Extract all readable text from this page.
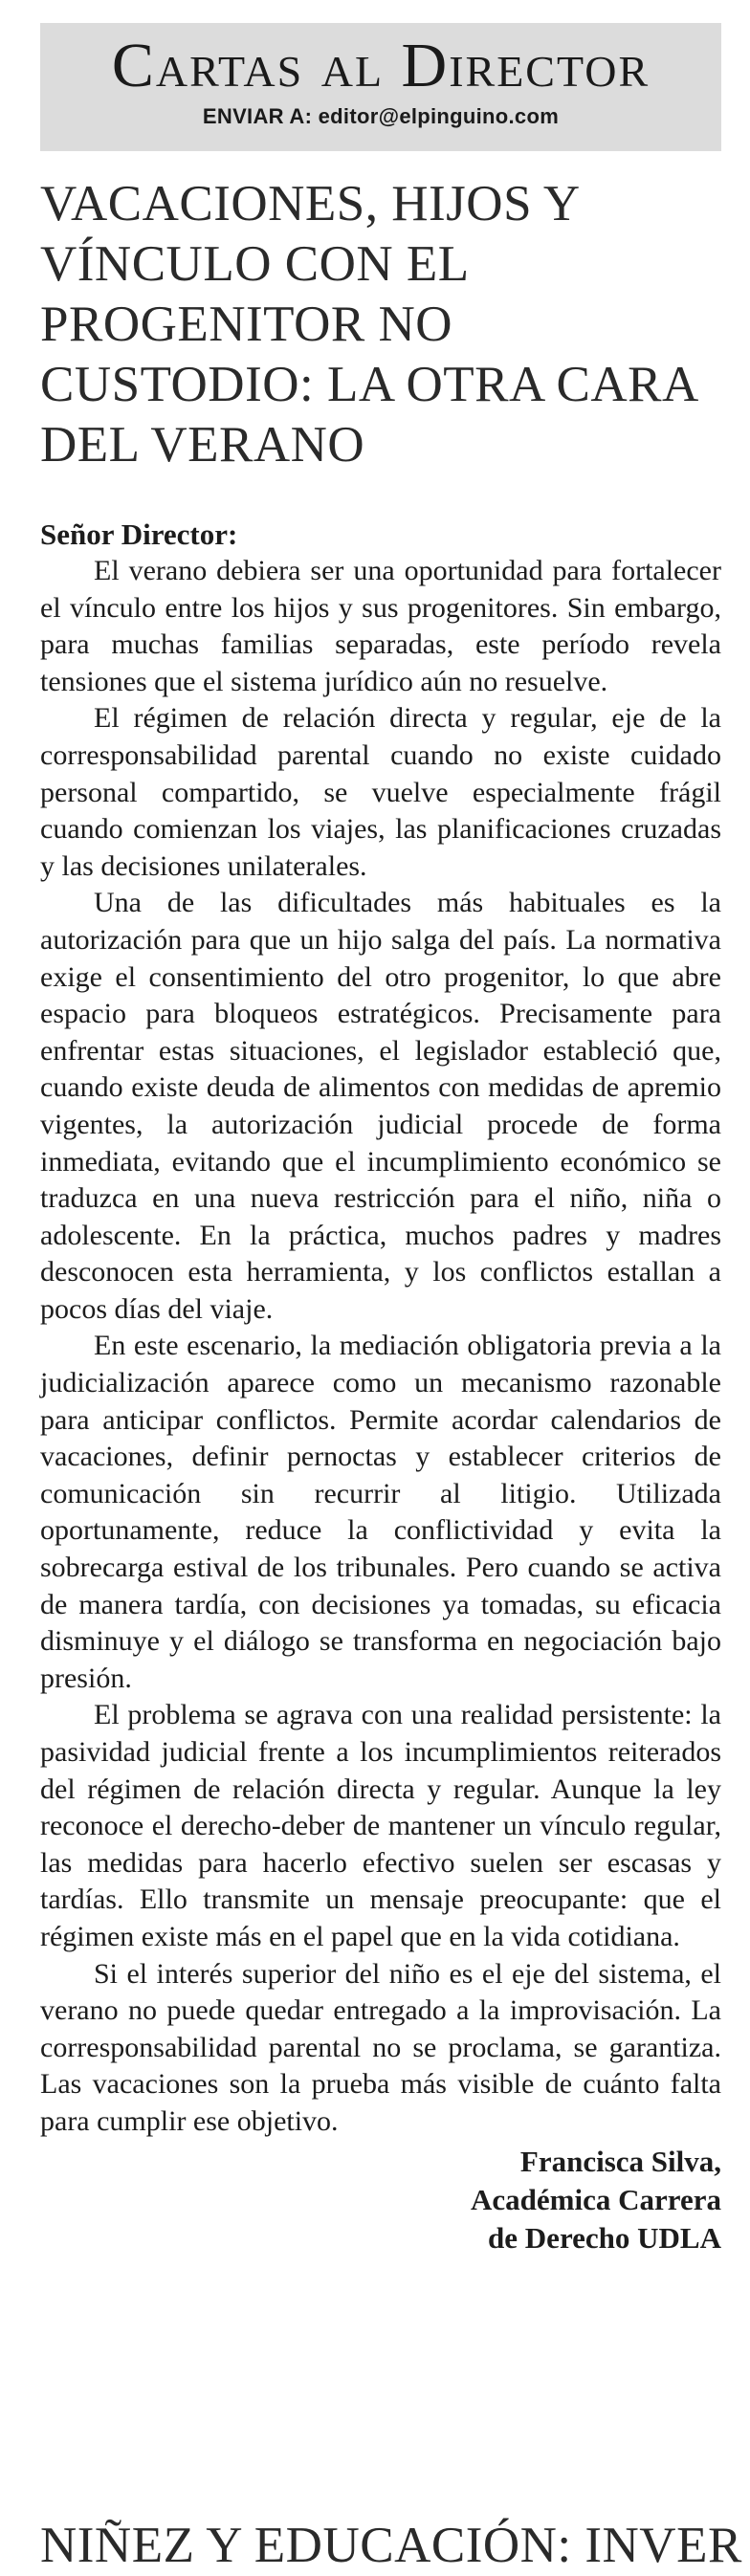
Cartas al Director
ENVIAR A: editor@elpinguino.com
VACACIONES, HIJOS Y VÍNCULO CON EL PROGENITOR NO CUSTODIO: LA OTRA CARA DEL VERANO

Señor Director:

El verano debiera ser una oportunidad para fortalecer el vínculo entre los hijos y sus progenitores. Sin embargo, para muchas familias separadas, este período revela tensiones que el sistema jurídico aún no resuelve.

El régimen de relación directa y regular, eje de la corresponsabilidad parental cuando no existe cuidado personal compartido, se vuelve especialmente frágil cuando comienzan los viajes, las planificaciones cruzadas y las decisiones unilaterales.

Una de las dificultades más habituales es la autorización para que un hijo salga del país. La normativa exige el consentimiento del otro progenitor, lo que abre espacio para bloqueos estratégicos. Precisamente para enfrentar estas situaciones, el legislador estableció que, cuando existe deuda de alimentos con medidas de apremio vigentes, la autorización judicial procede de forma inmediata, evitando que el incumplimiento económico se traduzca en una nueva restricción para el niño, niña o adolescente. En la práctica, muchos padres y madres desconocen esta herramienta, y los conflictos estallan a pocos días del viaje.

En este escenario, la mediación obligatoria previa a la judicialización aparece como un mecanismo razonable para anticipar conflictos. Permite acordar calendarios de vacaciones, definir pernoctas y establecer criterios de comunicación sin recurrir al litigio. Utilizada oportunamente, reduce la conflictividad y evita la sobrecarga estival de los tribunales. Pero cuando se activa de manera tardía, con decisiones ya tomadas, su eficacia disminuye y el diálogo se transforma en negociación bajo presión.

El problema se agrava con una realidad persistente: la pasividad judicial frente a los incumplimientos reiterados del régimen de relación directa y regular. Aunque la ley reconoce el derecho-deber de mantener un vínculo regular, las medidas para hacerlo efectivo suelen ser escasas y tardías. Ello transmite un mensaje preocupante: que el régimen existe más en el papel que en la vida cotidiana.

Si el interés superior del niño es el eje del sistema, el verano no puede quedar entregado a la improvisación. La corresponsabilidad parental no se proclama, se garantiza. Las vacaciones son la prueba más visible de cuánto falta para cumplir ese objetivo.

Francisca Silva,
Académica Carrera
de Derecho UDLA
NIÑEZ Y EDUCACIÓN: INVER
